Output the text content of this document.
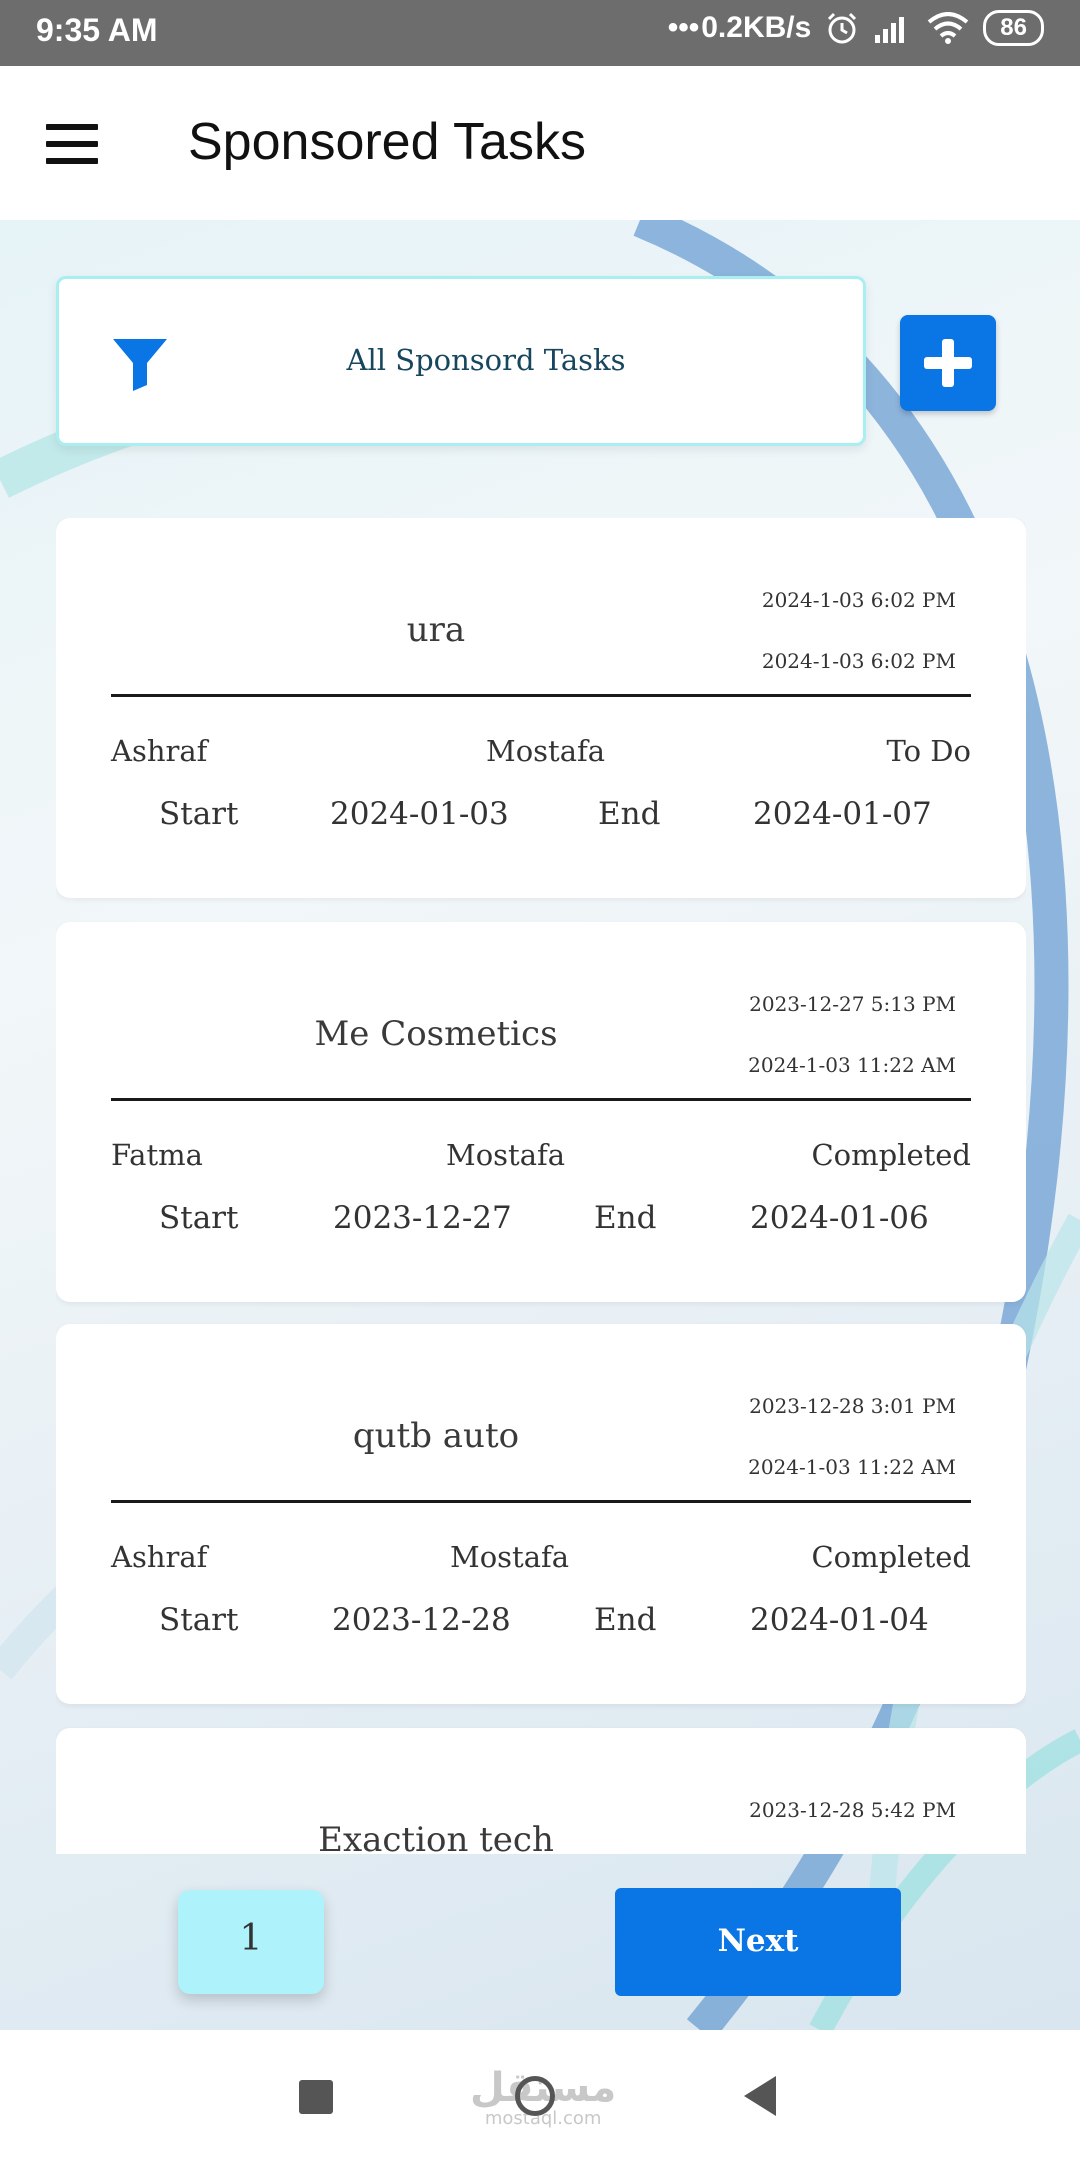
9:35 AM	••• 0.2KB/s	86
Sponsored Tasks
All Sponsord Tasks
ura
2024-1-03 6:02 PM
2024-1-03 6:02 PM
Ashraf	Mostafa	To Do
Start	2024-01-03	End	2024-01-07
Me Cosmetics
2023-12-27 5:13 PM
2024-1-03 11:22 AM
Fatma	Mostafa	Completed
Start	2023-12-27	End	2024-01-06
qutb auto
2023-12-28 3:01 PM
2024-1-03 11:22 AM
Ashraf	Mostafa	Completed
Start	2023-12-28	End	2024-01-04
Exaction tech
2023-12-28 5:42 PM
1	Next
مستقل
mostaql.com
